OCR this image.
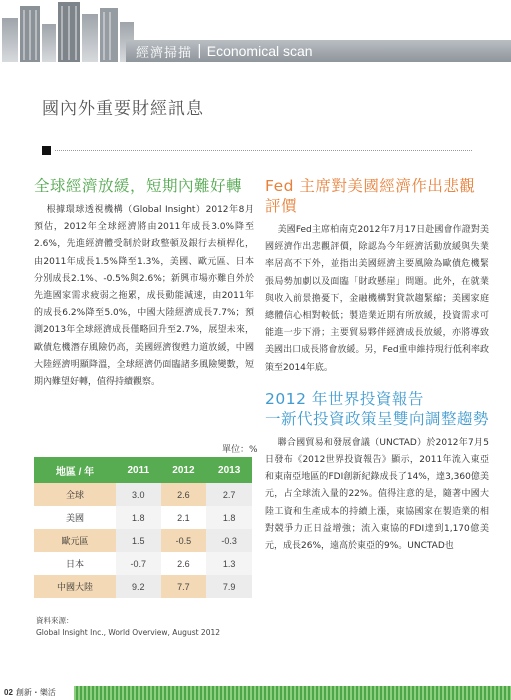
經濟掃描 | Economical scan
國內外重要財經訊息
全球經濟放緩，短期內難好轉

根據環球透視機構（Global Insight）2012年8月預估，2012年全球經濟將由2011年成長3.0%降至2.6%，先進經濟體受制於財政整頓及銀行去槓桿化，由2011年成長1.5%降至1.3%，美國、歐元區、日本分別成長2.1%、-0.5%與2.6%；新興市場亦難自外於先進國家需求疲弱之拖累，成長動能減速，由2011年的成長6.2%降至5.0%，中國大陸經濟成長7.7%；預測2013年全球經濟成長僅略回升至2.7%，展望未來，歐債危機潛存風險仍高，美國經濟復甦力道放緩，中國大陸經濟明顯降溫，全球經濟仍面臨諸多風險變數，短期內難望好轉，值得持續觀察。

單位：%
地區 / 年	2011	2012	2013
全球	3.0	2.6	2.7
美國	1.8	2.1	1.8
歐元區	1.5	-0.5	-0.3
日本	-0.7	2.6	1.3
中國大陸	9.2	7.7	7.9
資料來源：
Global Insight Inc., World Overview, August 2012
Fed 主席對美國經濟作出悲觀評價

美國Fed主席柏南克2012年7月17日赴國會作證對美國經濟作出悲觀評價，除認為今年經濟活動放緩與失業率居高不下外，並指出美國經濟主要風險為歐債危機緊張局勢加劇以及面臨「財政懸崖」問題。此外，在就業與收入前景擔憂下，金融機構對貸款趨緊縮；美國家庭總體信心相對較低；製造業近期有所放緩，投資需求可能進一步下滑；主要貿易夥伴經濟成長放緩，亦將導致美國出口成長將會放緩。另，Fed重申維持現行低利率政策至2014年底。

2012 年世界投資報告
一新代投資政策呈雙向調整趨勢

聯合國貿易和發展會議（UNCTAD）於2012年7月5日發布《2012世界投資報告》顯示，2011年流入東亞和東南亞地區的FDI創新紀錄成長了14%，達3,360億美元，占全球流入量的22%。值得注意的是，隨著中國大陸工資和生產成本的持續上漲，東協國家在製造業的相對競爭力正日益增強；流入東協的FDI達到1,170億美元，成長26%，遠高於東亞的9%。UNCTAD也

02 創新・樂活
